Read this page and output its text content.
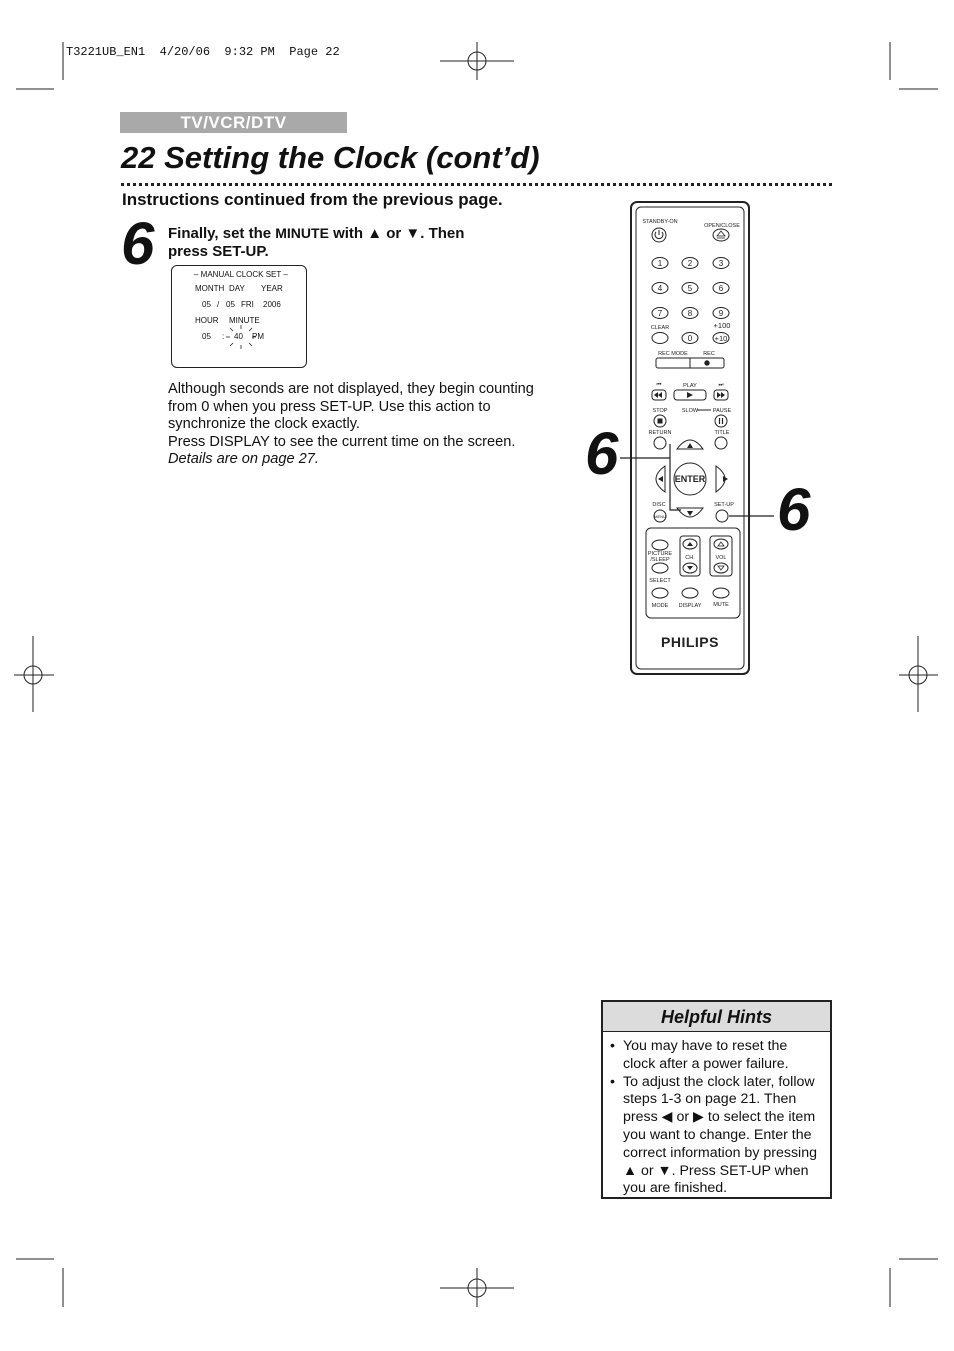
T3221UB_EN1  4/20/06  9:32 PM  Page 22
TV/VCR/DTV
22 Setting the Clock (cont’d)
Instructions continued from the previous page.
6 Finally, set the MINUTE with ▲ or ▼. Then press SET-UP.
– MANUAL CLOCK SET –
MONTH DAY YEAR
05 / 05 FRI 2006
HOUR MINUTE
05 : 40 PM
Although seconds are not displayed, they begin counting from 0 when you press SET-UP. Use this action to synchronize the clock exactly.
Press DISPLAY to see the current time on the screen.
Details are on page 27.
STANDBY-ON
OPEN/CLOSE
1	2	3
4	5	6
7	8	9
0
CLEAR	+100
+10
REC MODE	REC
⏮	PLAY	⏭
STOP	SLOW	PAUSE
RETURN	TITLE
ENTER
DISC	SET-UP
MENU
PICTURE
/SLEEP	CH.	VOL
SELECT
MODE DISPLAY MUTE
PHILIPS
6
6
Helpful Hints
• You may have to reset the clock after a power failure.
• To adjust the clock later, follow steps 1-3 on page 21. Then press ◀ or ▶ to select the item you want to change. Enter the correct information by pressing ▲ or ▼. Press SET-UP when you are finished.
